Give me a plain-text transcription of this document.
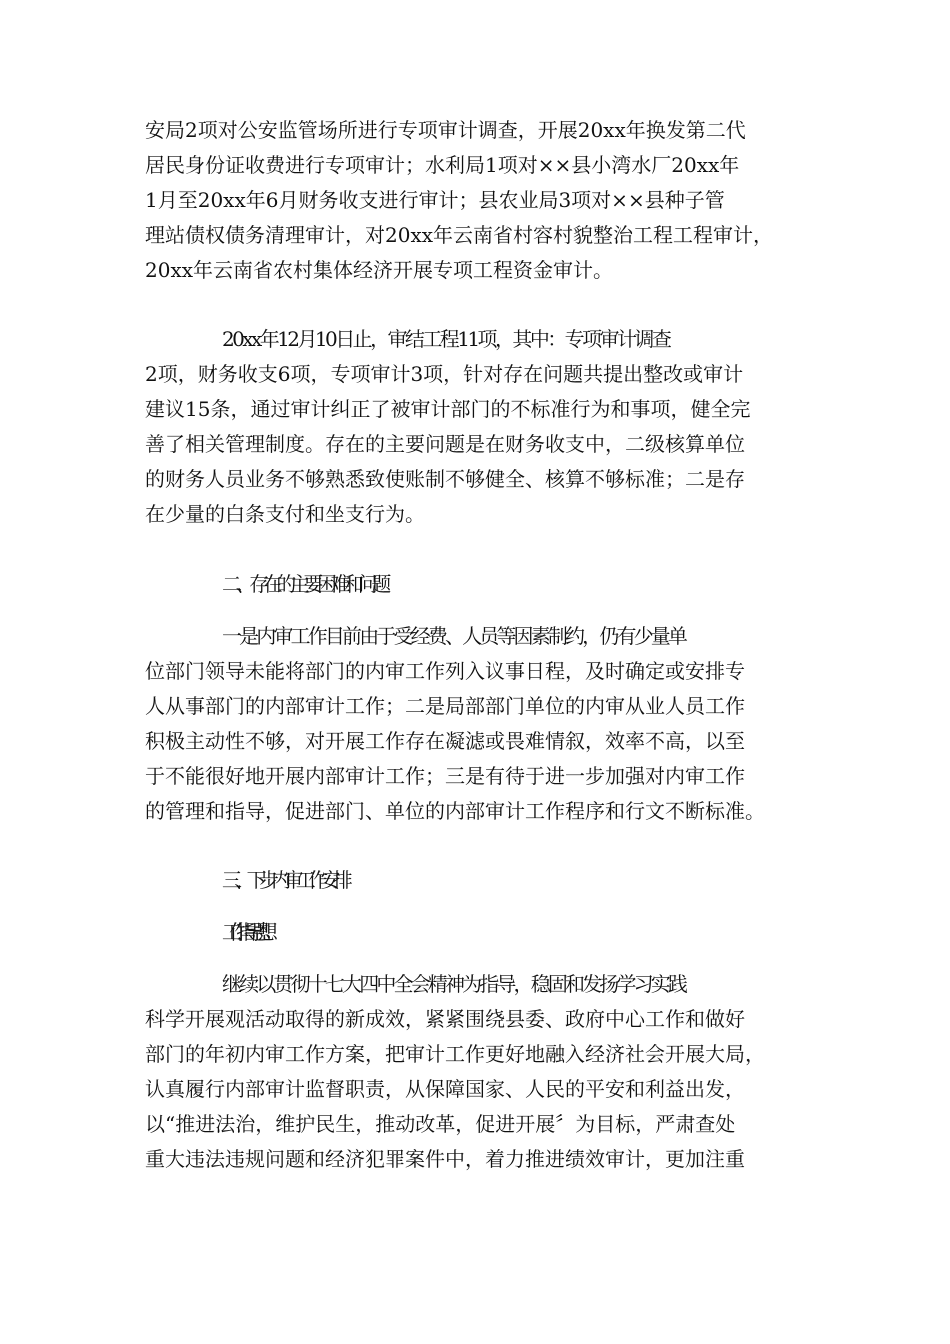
安局2项对公安监管场所进行专项审计调查，开展20xx年换发第二代
居民身份证收费进行专项审计；水利局1项对××县小湾水厂20xx年
1月至20xx年6月财务收支进行审计；县农业局3项对××县种子管
理站债权债务清理审计，对20xx年云南省村容村貌整治工程工程审计，
20xx年云南省农村集体经济开展专项工程资金审计。
20xx年12月10日止，审结工程11项，其中：专项审计调查
2项，财务收支6项，专项审计3项，针对存在问题共提出整改或审计
建议15条，通过审计纠正了被审计部门的不标准行为和事项，健全完
善了相关管理制度。存在的主要问题是在财务收支中，二级核算单位
的财务人员业务不够熟悉致使账制不够健全、核算不够标准；二是存
在少量的白条支付和坐支行为。
二、存在的主要困难和问题
一是内审工作目前由于受经费、人员等因素制约，仍有少量单
位部门领导未能将部门的内审工作列入议事日程，及时确定或安排专
人从事部门的内部审计工作；二是局部部门单位的内审从业人员工作
积极主动性不够，对开展工作存在凝滤或畏难情叙，效率不高，以至
于不能很好地开展内部审计工作；三是有待于进一步加强对内审工作
的管理和指导，促进部门、单位的内部审计工作程序和行文不断标准。
三、下步内审工作安排
工作指导思想
继续以贯彻十七大四中全会精神为指导，稳固和发扬学习实践
科学开展观活动取得的新成效，紧紧围绕县委、政府中心工作和做好
部门的年初内审工作方案，把审计工作更好地融入经济社会开展大局，
认真履行内部审计监督职责，从保障国家、人民的平安和利益出发，
以“推进法治，维护民生，推动改革，促进开展〞为目标，严肃查处
重大违法违规问题和经济犯罪案件中，着力推进绩效审计，更加注重
